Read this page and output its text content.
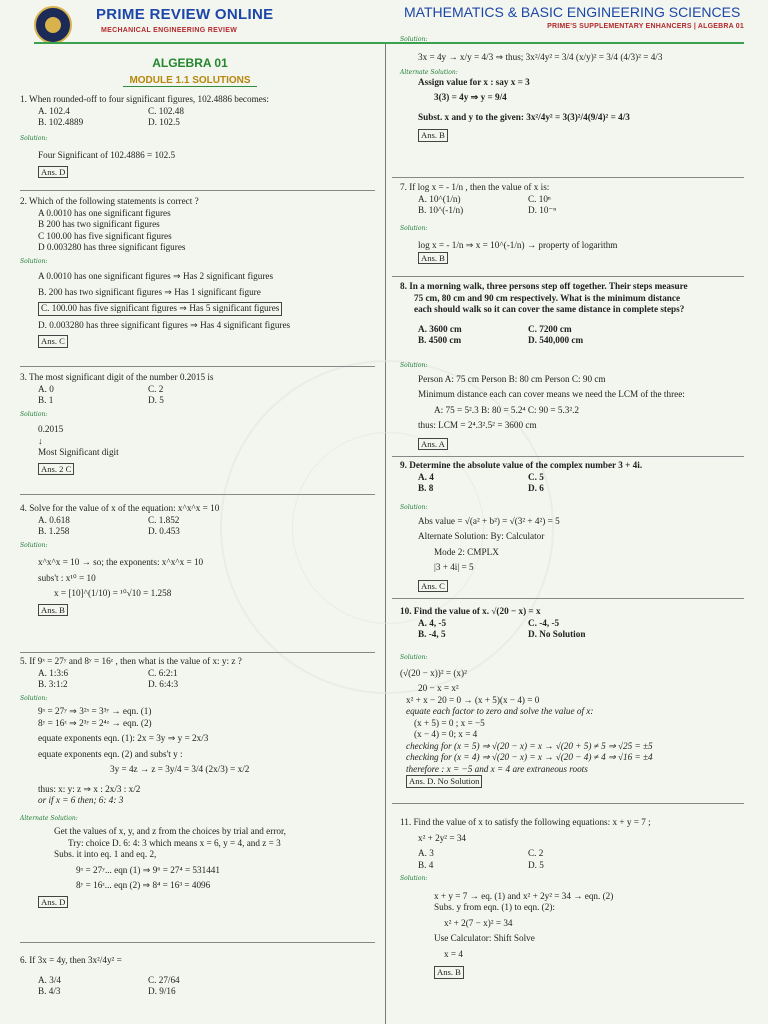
PRIME REVIEW ONLINE
MECHANICAL ENGINEERING REVIEW
MATHEMATICS & BASIC ENGINEERING SCIENCES
PRIME'S SUPPLEMENTARY ENHANCERS | ALGEBRA 01
ALGEBRA 01
MODULE 1.1 SOLUTIONS
1. When rounded-off to four significant figures, 102.4886 becomes:
A. 102.4	C. 102.48
B. 102.4889	D. 102.5
Solution:
Four Significant of 102.4886 = 102.5
Ans. D
2. Which of the following statements is correct ?
A 0.0010 has one significant figures
B 200 has two significant figures
C 100.00 has five significant figures
D 0.003280 has three significant figures
Solution:
A 0.0010 has one significant figures ⇒ Has 2 significant figures
B. 200 has two significant figures ⇒ Has 1 significant figure
C. 100.00 has five significant figures ⇒ Has 5 significant figures
D. 0.003280 has three significant figures ⇒ Has 4 significant figures
Ans. C
3. The most significant digit of the number 0.2015 is
A. 0	C. 2
B. 1	D. 5
Solution:
0.2015
↓
Most Significant digit
Ans. 2 C
4. Solve for the value of x of the equation: x^x^x = 10
A. 0.618	C. 1.852
B. 1.258	D. 0.453
Solution:
x^x^x = 10 → so; the exponents: x^x^x = 10
subs't : x¹⁰ = 10
x = [10]^(1/10) = ¹⁰√10 = 1.258
Ans. B
5. If 9ˣ = 27ʸ and 8ʸ = 16ᶻ , then what is the value of x: y: z ?
A. 1:3:6	C. 6:2:1
B. 3:1:2	D. 6:4:3
Solution:
9ˣ = 27ʸ ⇒ 3²ˣ = 3³ʸ → eqn. (1)
8ʸ = 16ᶻ ⇒ 2³ʸ = 2⁴ᶻ → eqn. (2)
equate exponents eqn. (1): 2x = 3y ⇒ y = 2x/3
equate exponents eqn. (2) and subs't y :
3y = 4z → z = 3y/4 = 3/4 (2x/3) = x/2
thus: x: y: z ⇒ x : 2x/3 : x/2
or if x = 6 then; 6: 4: 3
Alternate Solution:
Get the values of x, y, and z from the choices by trial and error,
Try: choice D. 6: 4: 3 which means x = 6, y = 4, and z = 3
Subs. it into eq. 1 and eq. 2,
9ˣ = 27ʸ... eqn (1) ⇒ 9⁶ = 27⁴ = 531441
8ʸ = 16ᶻ... eqn (2) ⇒ 8⁴ = 16³ = 4096
Ans. D
6. If 3x = 4y, then 3x²/4y² =
A. 3/4	C. 27/64
B. 4/3	D. 9/16
Solution:
3x = 4y → x/y = 4/3 ⇒ thus; 3x²/4y² = 3/4 (x/y)² = 3/4 (4/3)² = 4/3
Alternate Solution:
Assign value for x : say x = 3
3(3) = 4y ⇒ y = 9/4
Subst. x and y to the given: 3x²/4y² = 3(3)²/4(9/4)² = 4/3
Ans. B
7. If log x = - 1/n , then the value of x is:
A. 10^(1/n)	C. 10ⁿ
B. 10^(-1/n)	D. 10⁻ⁿ
Solution:
log x = - 1/n ⇒ x = 10^(-1/n) → property of logarithm
Ans. B
8. In a morning walk, three persons step off together. Their steps measure
75 cm, 80 cm and 90 cm respectively. What is the minimum distance
each should walk so it can cover the same distance in complete steps?
A. 3600 cm	C. 7200 cm
B. 4500 cm	D. 540,000 cm
Solution:
Person A: 75 cm Person B: 80 cm Person C: 90 cm
Minimum distance each can cover means we need the LCM of the three:
A: 75 = 5².3 B: 80 = 5.2⁴ C: 90 = 5.3².2
thus: LCM = 2⁴.3².5² = 3600 cm
Ans. A
9. Determine the absolute value of the complex number 3 + 4i.
A. 4	C. 5
B. 8	D. 6
Solution:
Abs value = √(a² + b²) = √(3² + 4²) = 5
Alternate Solution: By: Calculator
Mode 2: CMPLX
|3 + 4i| = 5
Ans. C
10. Find the value of x. √(20 − x) = x
A. 4, -5	C. -4, -5
B. -4, 5	D. No Solution
Solution:
(√(20 − x))² = (x)²
20 − x = x²
x² + x − 20 = 0 → (x + 5)(x − 4) = 0
equate each factor to zero and solve the value of x:
(x + 5) = 0 ; x = −5
(x − 4) = 0; x = 4
checking for (x = 5) ⇒ √(20 − x) = x → √(20 + 5) ≠ 5 ⇒ √25 = ±5
checking for (x = 4) ⇒ √(20 − x) = x → √(20 − 4) ≠ 4 ⇒ √16 = ±4
therefore : x = −5 and x = 4 are extraneous roots
Ans. D. No Solution
11. Find the value of x to satisfy the following equations: x + y = 7 ;
x² + 2y² = 34
A. 3	C. 2
B. 4	D. 5
Solution:
x + y = 7 → eq. (1) and x² + 2y² = 34 → eqn. (2)
Subs. y from eqn. (1) to eqn. (2):
x² + 2(7 − x)² = 34
Use Calculator: Shift Solve
x = 4
Ans. B
